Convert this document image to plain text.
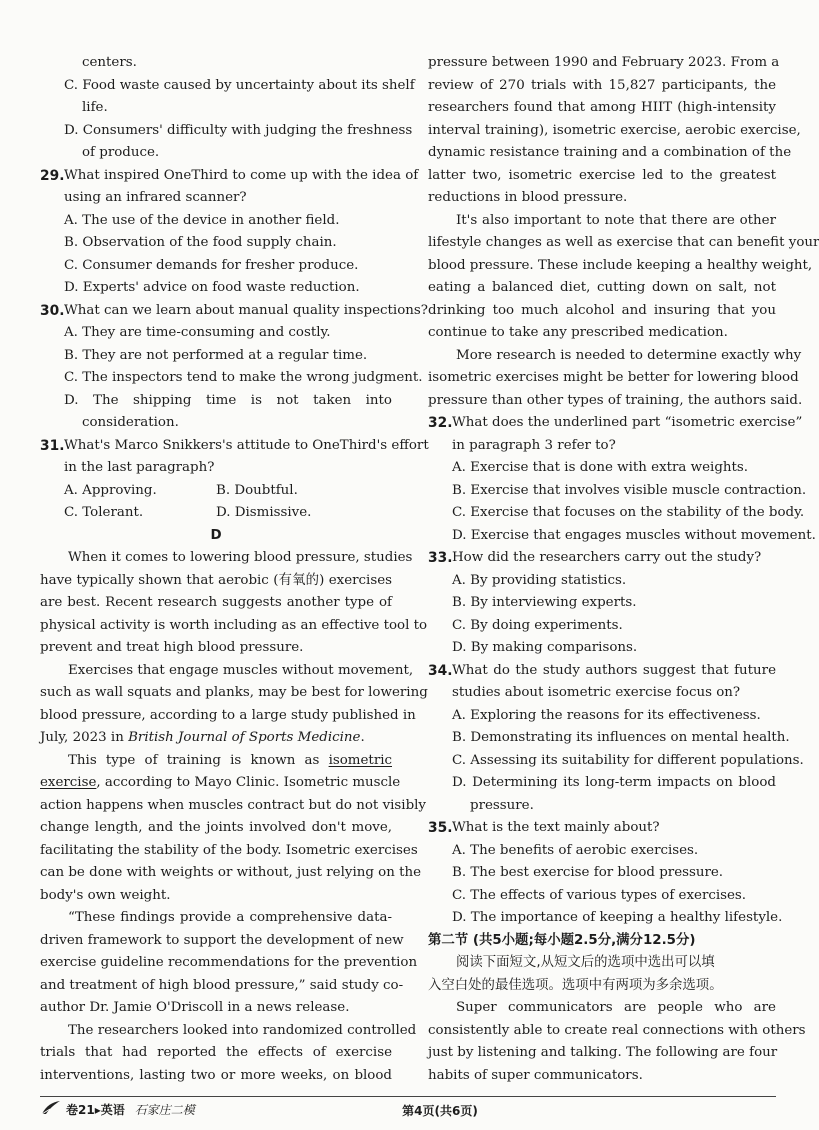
centers.
C. Food waste caused by uncertainty about its shelf
life.
D. Consumers' difficulty with judging the freshness
of produce.
29.What inspired OneThird to come up with the idea of
using an infrared scanner?
A. The use of the device in another field.
B. Observation of the food supply chain.
C. Consumer demands for fresher produce.
D. Experts' advice on food waste reduction.
30.What can we learn about manual quality inspections?
A. They are time-consuming and costly.
B. They are not performed at a regular time.
C. The inspectors tend to make the wrong judgment.
D. The shipping time is not taken into
consideration.
31.What's Marco Snikkers's attitude to OneThird's effort
in the last paragraph?
A. Approving.	B. Doubtful.
C. Tolerant.	D. Dismissive.
D
When it comes to lowering blood pressure, studies
have typically shown that aerobic (有氧的) exercises
are best. Recent research suggests another type of
physical activity is worth including as an effective tool to
prevent and treat high blood pressure.
Exercises that engage muscles without movement,
such as wall squats and planks, may be best for lowering
blood pressure, according to a large study published in
July, 2023 in British Journal of Sports Medicine.
This type of training is known as isometric
exercise, according to Mayo Clinic. Isometric muscle
action happens when muscles contract but do not visibly
change length, and the joints involved don't move,
facilitating the stability of the body. Isometric exercises
can be done with weights or without, just relying on the
body's own weight.
“These findings provide a comprehensive data-
driven framework to support the development of new
exercise guideline recommendations for the prevention
and treatment of high blood pressure,” said study co-
author Dr. Jamie O'Driscoll in a news release.
The researchers looked into randomized controlled
trials that had reported the effects of exercise
interventions, lasting two or more weeks, on blood
pressure between 1990 and February 2023. From a
review of 270 trials with 15,827 participants, the
researchers found that among HIIT (high-intensity
interval training), isometric exercise, aerobic exercise,
dynamic resistance training and a combination of the
latter two, isometric exercise led to the greatest
reductions in blood pressure.
It's also important to note that there are other
lifestyle changes as well as exercise that can benefit your
blood pressure. These include keeping a healthy weight,
eating a balanced diet, cutting down on salt, not
drinking too much alcohol and insuring that you
continue to take any prescribed medication.
More research is needed to determine exactly why
isometric exercises might be better for lowering blood
pressure than other types of training, the authors said.
32.What does the underlined part “isometric exercise”
in paragraph 3 refer to?
A. Exercise that is done with extra weights.
B. Exercise that involves visible muscle contraction.
C. Exercise that focuses on the stability of the body.
D. Exercise that engages muscles without movement.
33.How did the researchers carry out the study?
A. By providing statistics.
B. By interviewing experts.
C. By doing experiments.
D. By making comparisons.
34.What do the study authors suggest that future
studies about isometric exercise focus on?
A. Exploring the reasons for its effectiveness.
B. Demonstrating its influences on mental health.
C. Assessing its suitability for different populations.
D. Determining its long-term impacts on blood
pressure.
35.What is the text mainly about?
A. The benefits of aerobic exercises.
B. The best exercise for blood pressure.
C. The effects of various types of exercises.
D. The importance of keeping a healthy lifestyle.
第二节 (共5小题;每小题2.5分,满分12.5分)
阅读下面短文,从短文后的选项中选出可以填
入空白处的最佳选项。选项中有两项为多余选项。
Super communicators are people who are
consistently able to create real connections with others
just by listening and talking. The following are four
habits of super communicators.
卷21▸英语 石家庄二模	第4页(共6页)
